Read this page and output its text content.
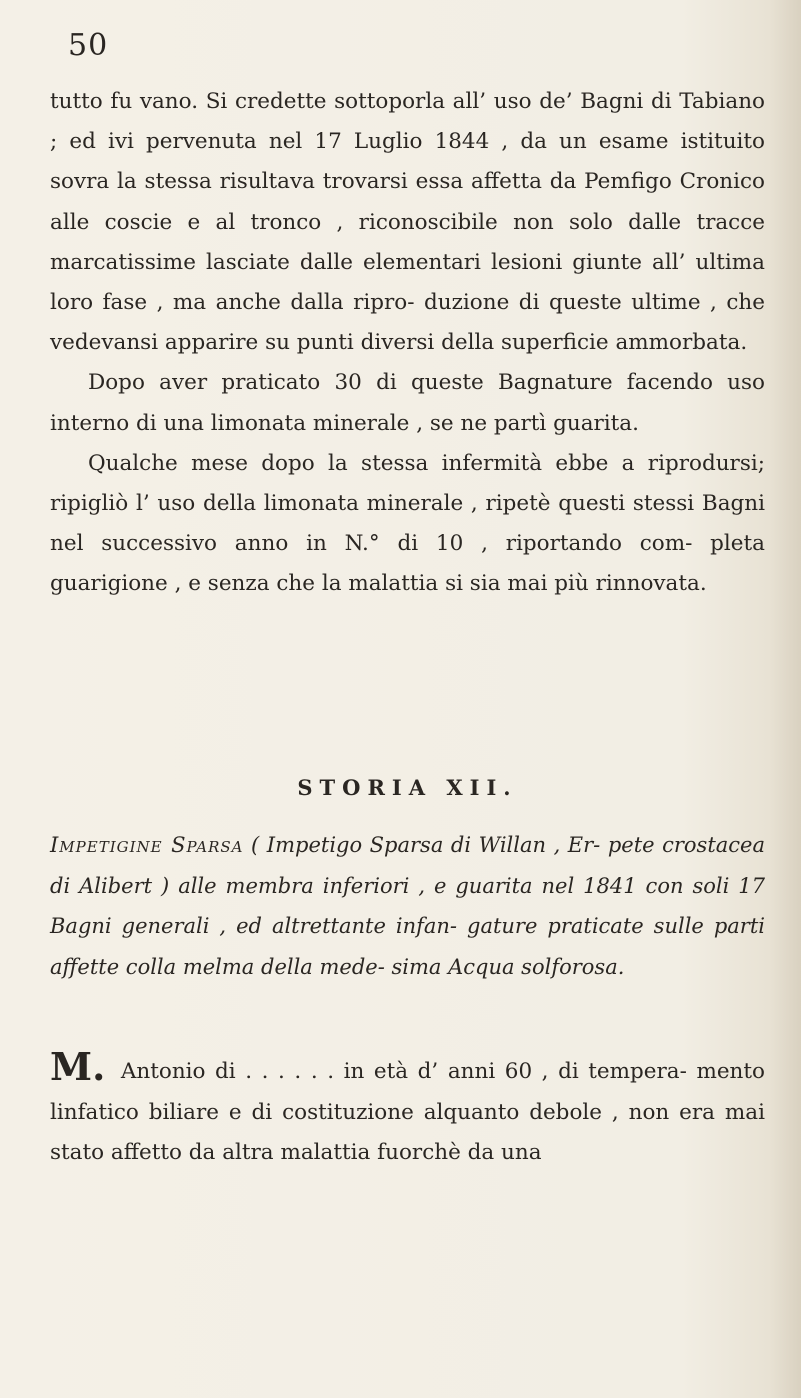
50

tutto fu vano. Si credette sottoporla all’ uso de’ Bagni di Tabiano ; ed ivi pervenuta nel 17 Luglio 1844 , da un esame istituito sovra la stessa risultava trovarsi essa affetta da Pemfigo Cronico alle coscie e al tronco , riconoscibile non solo dalle tracce marcatissime lasciate dalle elementari lesioni giunte all’ ultima loro fase , ma anche dalla ripro- duzione di queste ultime , che vedevansi apparire su punti diversi della superficie ammorbata.

Dopo aver praticato 30 di queste Bagnature facendo uso interno di una limonata minerale , se ne partì guarita.

Qualche mese dopo la stessa infermità ebbe a riprodursi; ripigliò l’ uso della limonata minerale , ripetè questi stessi Bagni nel successivo anno in N.° di 10 , riportando com- pleta guarigione , e senza che la malattia si sia mai più rinnovata.

STORIA XII.

Impetigine Sparsa ( Impetigo Sparsa di Willan , Er- pete crostacea di Alibert ) alle membra inferiori , e guarita nel 1841 con soli 17 Bagni generali , ed altrettante infan- gature praticate sulle parti affette colla melma della mede- sima Acqua solforosa.

M. Antonio di . . . . . . in età d’ anni 60 , di tempera- mento linfatico biliare e di costituzione alquanto debole , non era mai stato affetto da altra malattia fuorchè da una
